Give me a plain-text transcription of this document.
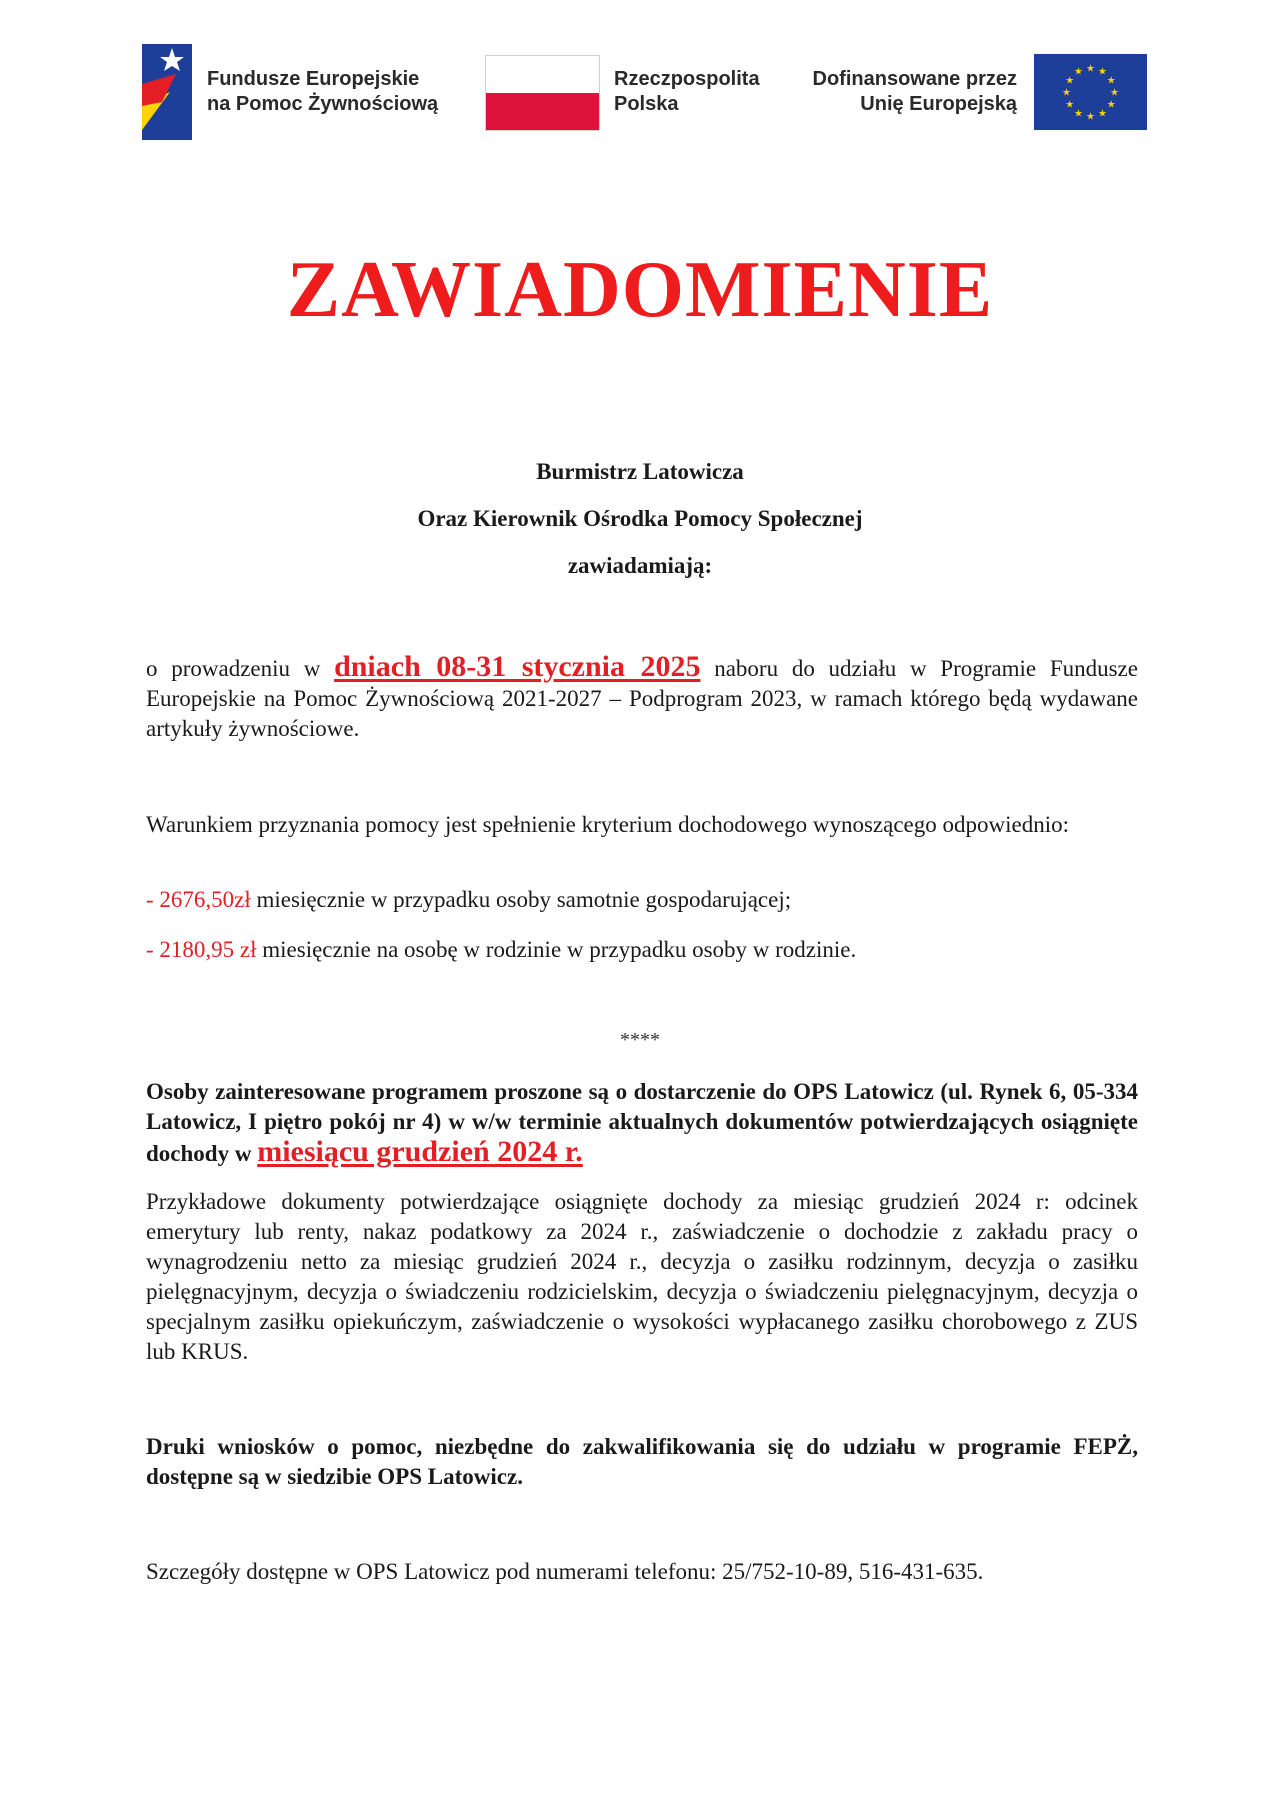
Fundusze Europejskie
na Pomoc Żywnościową
Rzeczpospolita
Polska
Dofinansowane przez
Unię Europejską
★ ★
★
★
★
★
★
★
★
★
★
★
ZAWIADOMIENIE
Burmistrz Latowicza
Oraz Kierownik Ośrodka Pomocy Społecznej
zawiadamiają:
o prowadzeniu w dniach 08-31 stycznia 2025 naboru do udziału w Programie Fundusze Europejskie na Pomoc Żywnościową 2021-2027 – Podprogram 2023, w ramach którego będą wydawane artykuły żywnościowe.
Warunkiem przyznania pomocy jest spełnienie kryterium dochodowego wynoszącego odpowiednio:
- 2676,50zł miesięcznie w przypadku osoby samotnie gospodarującej;
- 2180,95 zł miesięcznie na osobę w rodzinie w przypadku osoby w rodzinie.
****
Osoby zainteresowane programem proszone są o dostarczenie do OPS Latowicz (ul. Rynek 6, 05-334 Latowicz, I piętro pokój nr 4) w w/w terminie aktualnych dokumentów potwierdzających osiągnięte dochody w miesiącu grudzień 2024 r.
Przykładowe dokumenty potwierdzające osiągnięte dochody za miesiąc grudzień 2024 r: odcinek emerytury lub renty, nakaz podatkowy za 2024 r., zaświadczenie o dochodzie z zakładu pracy o wynagrodzeniu netto za miesiąc grudzień 2024 r., decyzja o zasiłku rodzinnym, decyzja o zasiłku pielęgnacyjnym, decyzja o świadczeniu rodzicielskim, decyzja o świadczeniu pielęgnacyjnym, decyzja o specjalnym zasiłku opiekuńczym, zaświadczenie o wysokości wypłacanego zasiłku chorobowego z ZUS lub KRUS.
Druki wniosków o pomoc, niezbędne do zakwalifikowania się do udziału w programie FEPŻ, dostępne są w siedzibie OPS Latowicz.
Szczegóły dostępne w OPS Latowicz pod numerami telefonu: 25/752-10-89, 516-431-635.
